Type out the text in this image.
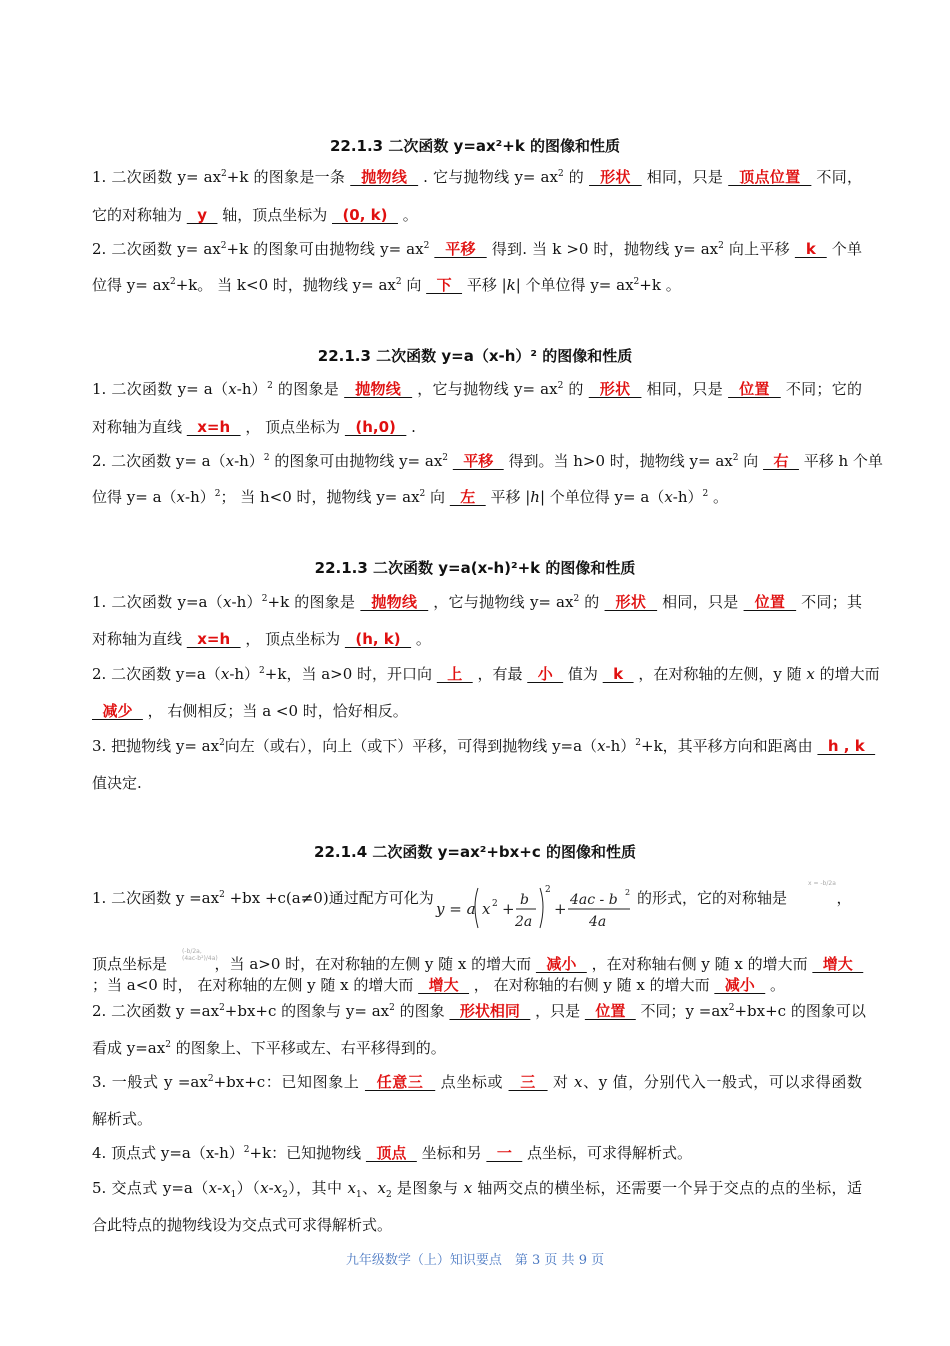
22.1.3 二次函数 y=ax²+k 的图像和性质
1. 二次函数 $y= ax^2+k$ 的图象是一条   抛物线   . 它与抛物线 $y= ax^2$ 的   形状   相同，只是   顶点位置   不同，
它的对称轴为   y   轴，顶点坐标为   (0, k)   。
2. 二次函数 $y= ax^2+k$ 的图象可由抛物线 $y= ax^2$   平移   得到. 当 k >0 时，抛物线 $y= ax^2$ 向上平移   k   个单
位得 $y= ax^2+k$。 当 k<0 时，抛物线 $y= ax^2$ 向   下   平移 |k| 个单位得 $y= ax^2+k$ 。
22.1.3 二次函数 y=a（x-h）² 的图像和性质
1. 二次函数 $y= a(x-h)^2$ 的图象是   抛物线   ，它与抛物线 $y= ax^2$ 的   形状   相同，只是   位置   不同；它的
对称轴为直线   x=h   ， 顶点坐标为   (h,0)   .
2. 二次函数 $y= a(x-h)^2$ 的图象可由抛物线 $y= ax^2$   平移   得到。当 h>0 时，抛物线 $y= ax^2$ 向   右   平移 h 个单
位得 $y= a(x-h)^2$； 当 h<0 时，抛物线 $y= ax^2$ 向   左   平移 |h| 个单位得 $y= a(x-h)^2$ 。
22.1.3 二次函数 y=a(x-h)²+k 的图像和性质
1. 二次函数 $y=a(x-h)^2+k$ 的图象是   抛物线   ，它与抛物线 $y= ax^2$ 的   形状   相同，只是   位置   不同；其
对称轴为直线   x=h   ， 顶点坐标为   (h, k)   。
2. 二次函数 $y=a(x-h)^2+k$，当 a>0 时，开口向   上   ，有最   小   值为   k   ，在对称轴的左侧，y 随 x 的增大而
减少   ， 右侧相反；当 a <0 时，恰好相反。
3. 把抛物线 $y= ax^2$向左（或右），向上（或下）平移，可得到抛物线 $y=a(x-h)^2+k$，其平移方向和距离由   h , k
值决定.
22.1.4 二次函数 y=ax²+bx+c 的图像和性质
1. 二次函数 $y =ax^2 +bx +c(a\ne 0)$通过配方可化为	的形式，它的对称轴是	，
y = a x 2 + b
2a
2
+ 4ac - b 2
4a
x = -b/2a
顶点坐标是	，当 a>0 时，在对称轴的左侧 y 随 x 的增大而   减小   ，在对称轴右侧 y 随 x 的增大而   增大
(-b/2a, (4ac-b²)/4a)
；当 a<0 时， 在对称轴的左侧 y 随 x 的增大而   增大   ， 在对称轴的右侧 y 随 x 的增大而   减小   。
2. 二次函数 $y =ax^2+bx+c$ 的图象与 $y= ax^2$ 的图象   形状相同   ，只是   位置   不同；$y =ax^2+bx+c$ 的图象可以
看成 $y=ax^2$ 的图象上、下平移或左、右平移得到的。
3. 一般式 $y =ax^2+bx+c$：已知图象上   任意三   点坐标或   三   对 x、y 值，分别代入一般式，可以求得函数
解析式。
4. 顶点式 $y=a(x-h)^2+k$：已知抛物线   顶点   坐标和另   一   点坐标，可求得解析式。
5. 交点式 $y=a(x-x_1)(x-x_2)$，其中 $x_1$、$x_2$ 是图象与 x 轴两交点的横坐标，还需要一个异于交点的点的坐标，适
合此特点的抛物线设为交点式可求得解析式。
九年级数学（上）知识要点　第 3 页 共 9 页
